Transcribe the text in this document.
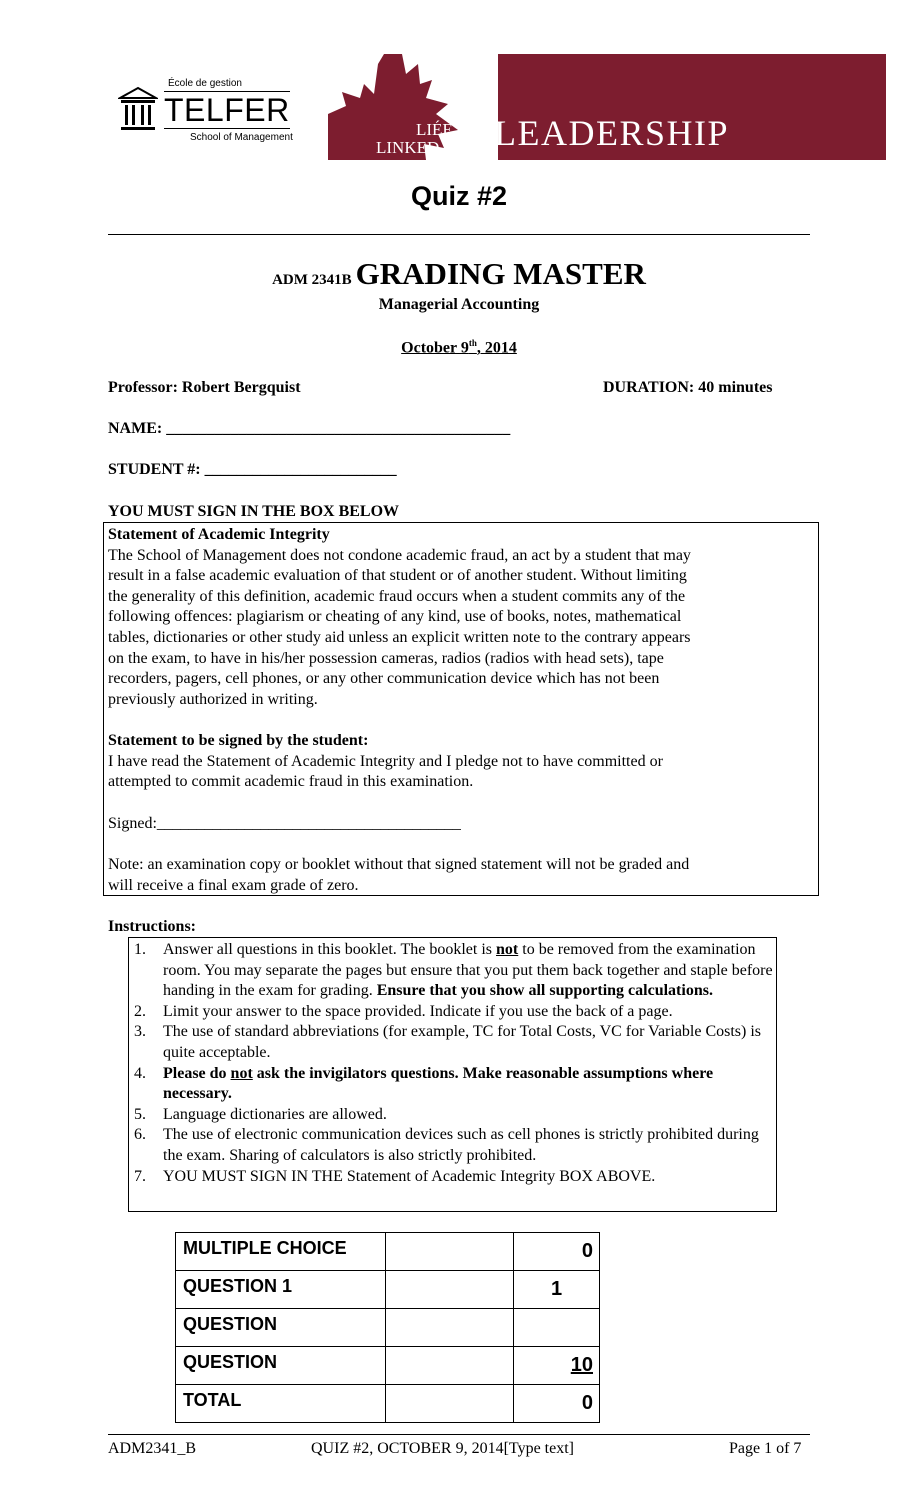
École de gestion
TELFER
School of Management	LIÉE au
LINKEDwith LEADERSHIP
Quiz #2
ADM 2341B GRADING MASTER
Managerial Accounting
October 9th, 2014
Professor: Robert Bergquist	DURATION: 40 minutes
NAME: ___________________________________________
STUDENT #: ________________________
YOU MUST SIGN IN THE BOX BELOW
Statement of Academic Integrity
The School of Management does not condone academic fraud, an act by a student that may
result in a false academic evaluation of that student or of another student. Without limiting
the generality of this definition, academic fraud occurs when a student commits any of the
following offences: plagiarism or cheating of any kind, use of books, notes, mathematical
tables, dictionaries or other study aid unless an explicit written note to the contrary appears
on the exam, to have in his/her possession cameras, radios (radios with head sets), tape
recorders, pagers, cell phones, or any other communication device which has not been
previously authorized in writing.
Statement to be signed by the student:
I have read the Statement of Academic Integrity and I pledge not to have committed or
attempted to commit academic fraud in this examination.
Signed:______________________________________
Note: an examination copy or booklet without that signed statement will not be graded and
will receive a final exam grade of zero.
Instructions:
1.	Answer all questions in this booklet. The booklet is not to be removed from the examination room. You may separate the pages but ensure that you put them back together and staple before handing in the exam for grading. Ensure that you show all supporting calculations.
2.	Limit your answer to the space provided. Indicate if you use the back of a page.
3.	The use of standard abbreviations (for example, TC for Total Costs, VC for Variable Costs) is quite acceptable.
4.	Please do not ask the invigilators questions. Make reasonable assumptions where necessary.
5.	Language dictionaries are allowed.
6.	The use of electronic communication devices such as cell phones is strictly prohibited during the exam. Sharing of calculators is also strictly prohibited.
7.	YOU MUST SIGN IN THE Statement of Academic Integrity BOX ABOVE.
MULTIPLE CHOICE		0
QUESTION 1		1
QUESTION		
QUESTION		10
TOTAL		0
ADM2341_B	QUIZ #2, OCTOBER 9, 2014[Type text]	Page 1 of 7
